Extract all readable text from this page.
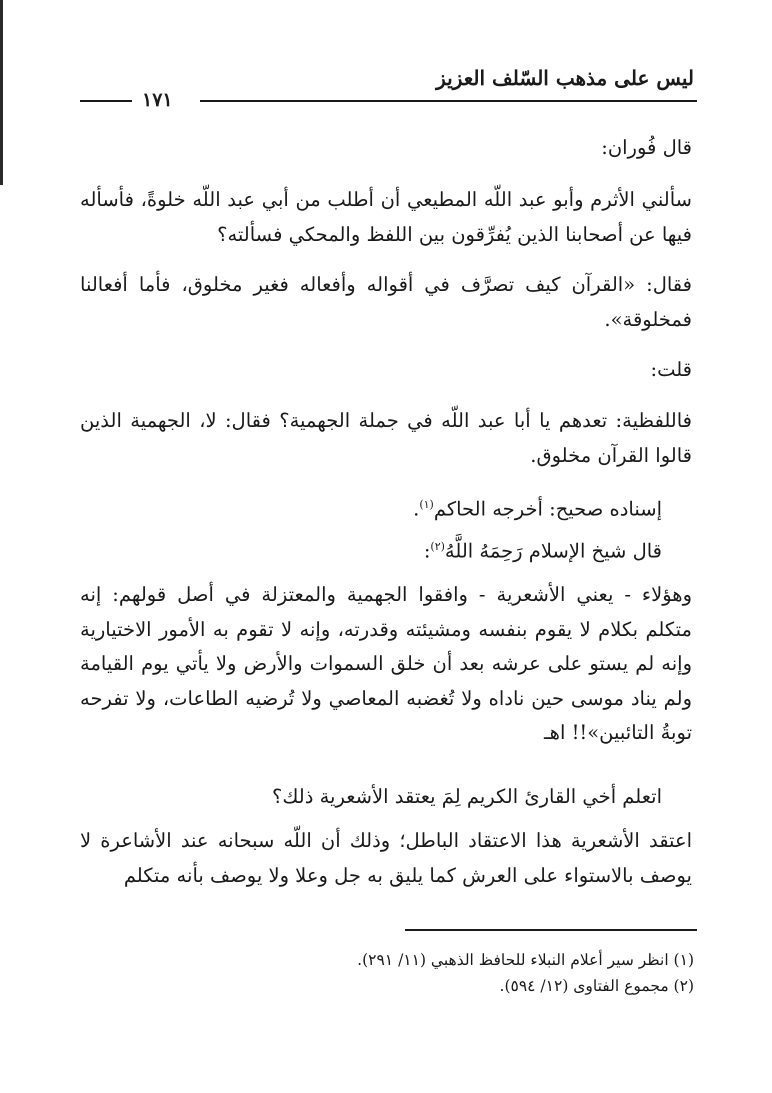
ليس على مذهب السّلف العزيز
١٧١

قال فُوران:

سألني الأثرم وأبو عبد اللّه المطيعي أن أطلب من أبي عبد اللّه خلوةً، فأسأله فيها عن أصحابنا الذين يُفرِّقون بين اللفظ والمحكي فسألته؟

فقال: «القرآن كيف تصرَّف في أقواله وأفعاله فغير مخلوق، فأما أفعالنا فمخلوقة».

قلت:

فاللفظية: تعدهم يا أبا عبد اللّه في جملة الجهمية؟ فقال: لا، الجهمية الذين قالوا القرآن مخلوق.

إسناده صحيح: أخرجه الحاكم$^{(١)}$.

قال شيخ الإسلام رَحِمَهُ اللَّهُ$^{(٢)}$:

وهؤلاء - يعني الأشعرية - وافقوا الجهمية والمعتزلة في أصل قولهم: إنه متكلم بكلام لا يقوم بنفسه ومشيئته وقدرته، وإنه لا تقوم به الأمور الاختيارية وإنه لم يستو على عرشه بعد أن خلق السموات والأرض ولا يأتي يوم القيامة ولم يناد موسى حين ناداه ولا تُغضبه المعاصي ولا تُرضيه الطاعات، ولا تفرحه توبةُ التائبين»!! اهـ

اتعلم أخي القارئ الكريم لِمَ يعتقد الأشعرية ذلك؟

اعتقد الأشعرية هذا الاعتقاد الباطل؛ وذلك أن اللّه سبحانه عند الأشاعرة لا يوصف بالاستواء على العرش كما يليق به جل وعلا ولا يوصف بأنه متكلم

(١) انظر سير أعلام النبلاء للحافظ الذهبي (١١/ ٢٩١).
(٢) مجموع الفتاوى (١٢/ ٥٩٤).
